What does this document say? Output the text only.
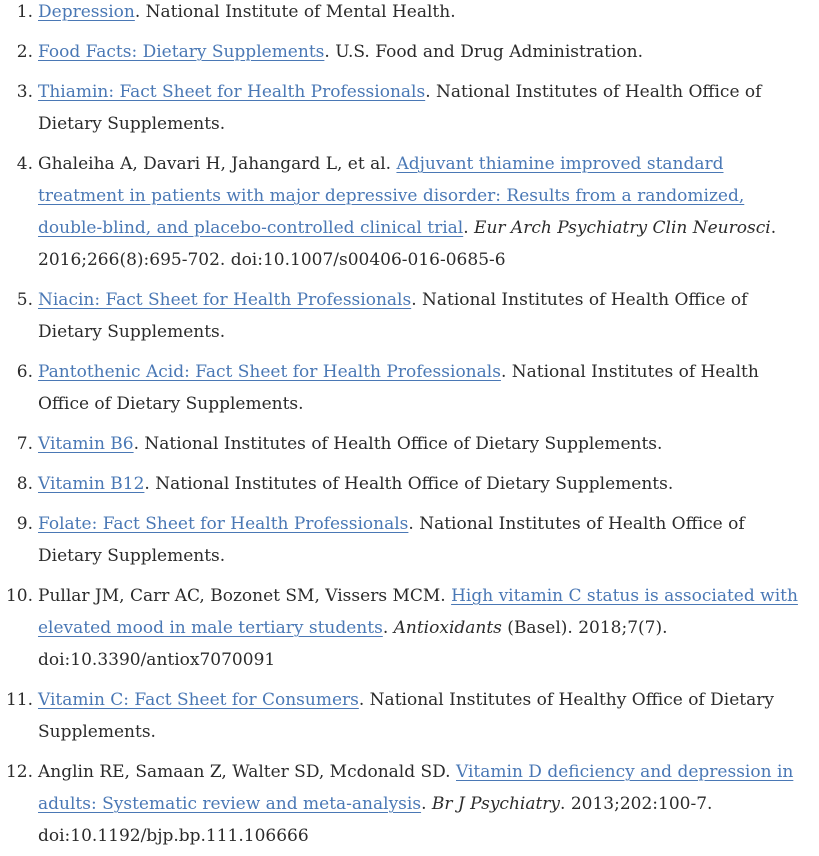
1. Depression. National Institute of Mental Health.
2. Food Facts: Dietary Supplements. U.S. Food and Drug Administration.
3. Thiamin: Fact Sheet for Health Professionals. National Institutes of Health Office of Dietary Supplements.
4. Ghaleiha A, Davari H, Jahangard L, et al. Adjuvant thiamine improved standard treatment in patients with major depressive disorder: Results from a randomized, double-blind, and placebo-controlled clinical trial. Eur Arch Psychiatry Clin Neurosci. 2016;266(8):695-702. doi:10.1007/s00406-016-0685-6
5. Niacin: Fact Sheet for Health Professionals. National Institutes of Health Office of Dietary Supplements.
6. Pantothenic Acid: Fact Sheet for Health Professionals. National Institutes of Health Office of Dietary Supplements.
7. Vitamin B6. National Institutes of Health Office of Dietary Supplements.
8. Vitamin B12. National Institutes of Health Office of Dietary Supplements.
9. Folate: Fact Sheet for Health Professionals. National Institutes of Health Office of Dietary Supplements.
10. Pullar JM, Carr AC, Bozonet SM, Vissers MCM. High vitamin C status is associated with elevated mood in male tertiary students. Antioxidants (Basel). 2018;7(7). doi:10.3390/antiox7070091
11. Vitamin C: Fact Sheet for Consumers. National Institutes of Healthy Office of Dietary Supplements.
12. Anglin RE, Samaan Z, Walter SD, Mcdonald SD. Vitamin D deficiency and depression in adults: Systematic review and meta-analysis. Br J Psychiatry. 2013;202:100-7. doi:10.1192/bjp.bp.111.106666
